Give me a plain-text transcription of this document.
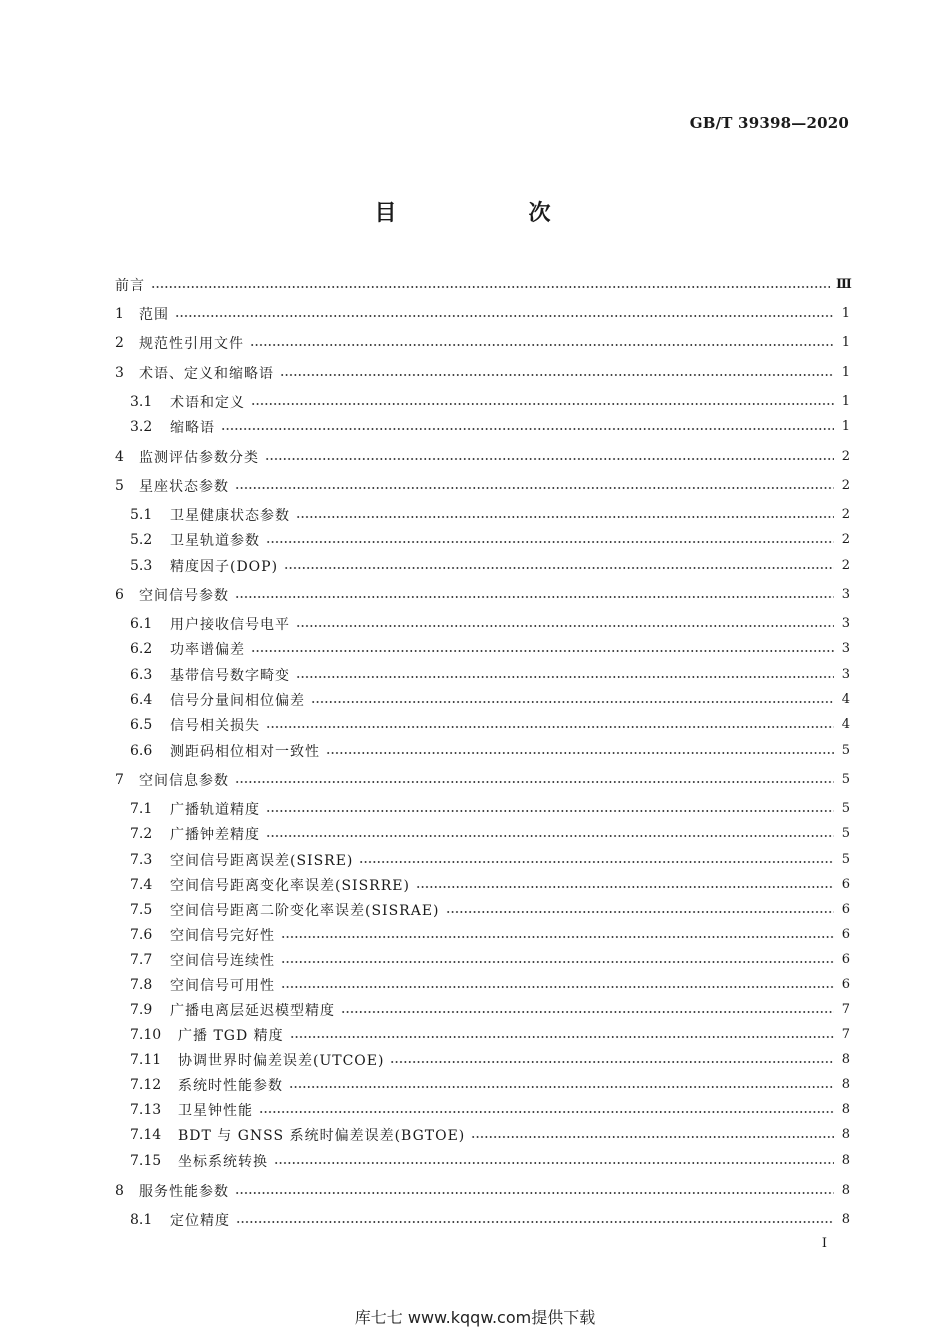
GB/T 39398—2020
目　次
前言	Ⅲ
1	范围	1
2	规范性引用文件	1
3	术语、定义和缩略语	1
3.1	术语和定义	1
3.2	缩略语	1
4	监测评估参数分类	2
5	星座状态参数	2
5.1	卫星健康状态参数	2
5.2	卫星轨道参数	2
5.3	精度因子(DOP)	2
6	空间信号参数	3
6.1	用户接收信号电平	3
6.2	功率谱偏差	3
6.3	基带信号数字畸变	3
6.4	信号分量间相位偏差	4
6.5	信号相关损失	4
6.6	测距码相位相对一致性	5
7	空间信息参数	5
7.1	广播轨道精度	5
7.2	广播钟差精度	5
7.3	空间信号距离误差(SISRE)	5
7.4	空间信号距离变化率误差(SISRRE)	6
7.5	空间信号距离二阶变化率误差(SISRAE)	6
7.6	空间信号完好性	6
7.7	空间信号连续性	6
7.8	空间信号可用性	6
7.9	广播电离层延迟模型精度	7
7.10	广播 TGD 精度	7
7.11	协调世界时偏差误差(UTCOE)	8
7.12	系统时性能参数	8
7.13	卫星钟性能	8
7.14	BDT 与 GNSS 系统时偏差误差(BGTOE)	8
7.15	坐标系统转换	8
8	服务性能参数	8
8.1	定位精度	8
I
库七七 www.kqqw.com提供下载
